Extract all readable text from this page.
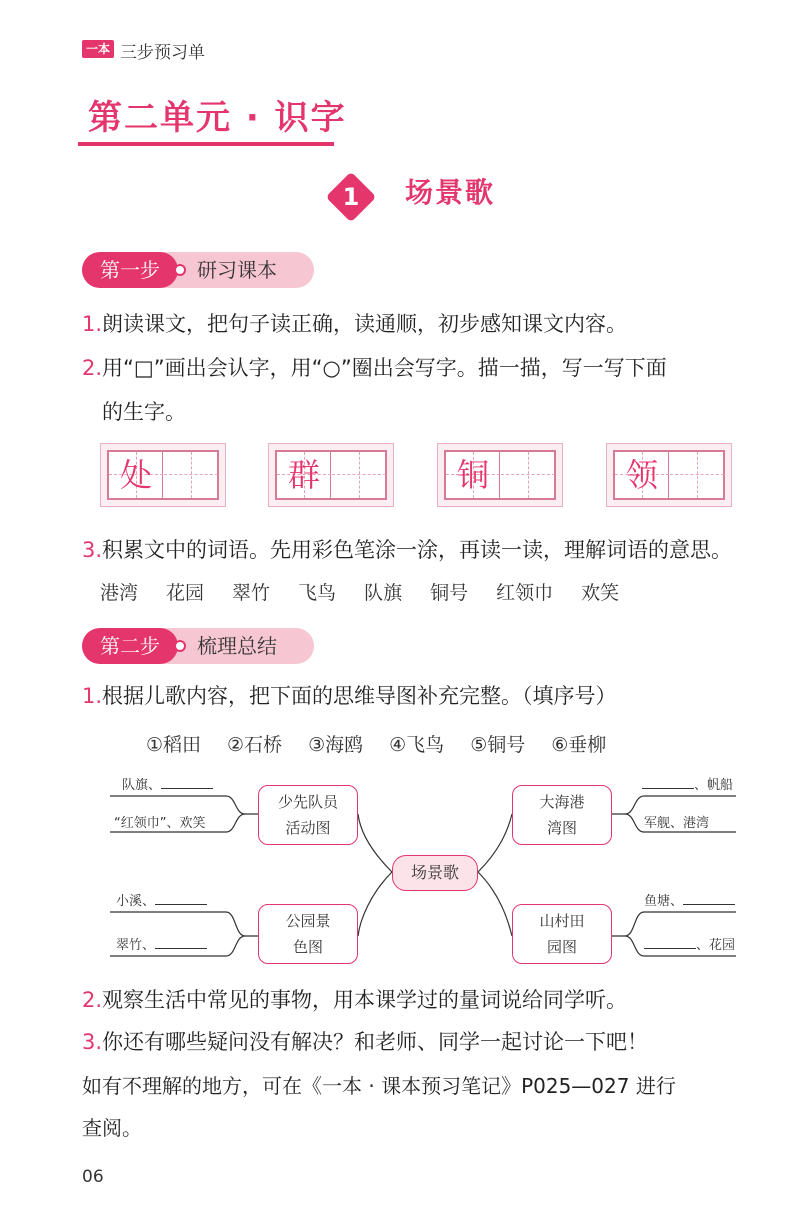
一本 三步预习单
第二单元 · 识字
1 场景歌
第一步	研习课本
1.朗读课文，把句子读正确，读通顺，初步感知课文内容。
2.用“□”画出会认字，用“○”圈出会写字。描一描，写一写下面
的生字。
处	群	铜	领
3.积累文中的词语。先用彩色笔涂一涂，再读一读，理解词语的意思。
港湾 花园 翠竹 飞鸟 队旗 铜号 红领巾 欢笑
第二步	梳理总结
1.根据儿歌内容，把下面的思维导图补充完整。（填序号）
①稻田 ②石桥 ③海鸥 ④飞鸟 ⑤铜号 ⑥垂柳
场景歌
少先队员
活动图
大海港
湾图
公园景
色图
山村田
园图
队旗、
“红领巾”、欢笑
小溪、
翠竹、
、帆船
军舰、港湾
鱼塘、
、花园
2.观察生活中常见的事物，用本课学过的量词说给同学听。
3.你还有哪些疑问没有解决？和老师、同学一起讨论一下吧！
如有不理解的地方，可在《一本 · 课本预习笔记》P025—027 进行
查阅。
06
